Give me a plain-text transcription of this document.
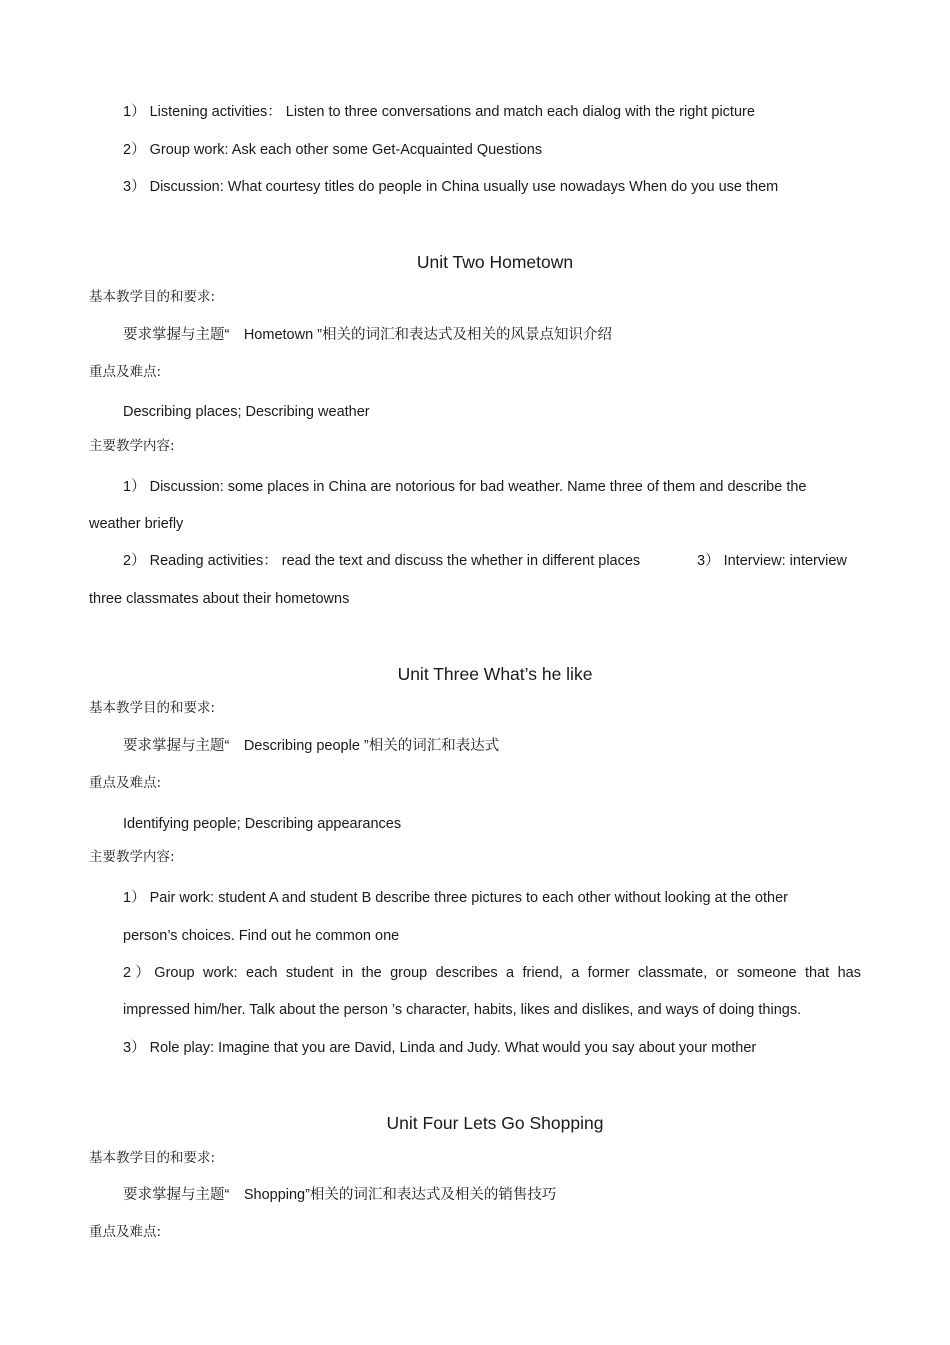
1） Listening activities： Listen to three conversations and match each dialog with the right picture
2） Group work: Ask each other some Get-Acquainted Questions
3） Discussion: What courtesy titles do people in China usually use nowadays When do you use them
Unit Two Hometown
基本教学目的和要求:
要求掌握与主题“　Hometown ”相关的词汇和表达式及相关的风景点知识介绍
重点及难点:
Describing places; Describing weather
主要教学内容:
1） Discussion: some places in China are notorious for bad weather. Name three of them and describe the
weather briefly
2） Reading activities： read the text and discuss the whether in different places	3） Interview: interview
three classmates about their hometowns
Unit Three What’s he like
基本教学目的和要求:
要求掌握与主题“　Describing people ”相关的词汇和表达式
重点及难点:
Identifying people; Describing appearances
主要教学内容:
1） Pair work: student A and student B describe three pictures to each other without looking at the other
person’s choices. Find out he common one
2）Group work: each student in the group describes a friend, a former classmate, or someone that has
impressed him/her. Talk about the person ’s character, habits, likes and dislikes, and ways of doing things.
3） Role play: Imagine that you are David, Linda and Judy. What would you say about your mother
Unit Four Lets Go Shopping
基本教学目的和要求:
要求掌握与主题“　Shopping”相关的词汇和表达式及相关的销售技巧
重点及难点:
